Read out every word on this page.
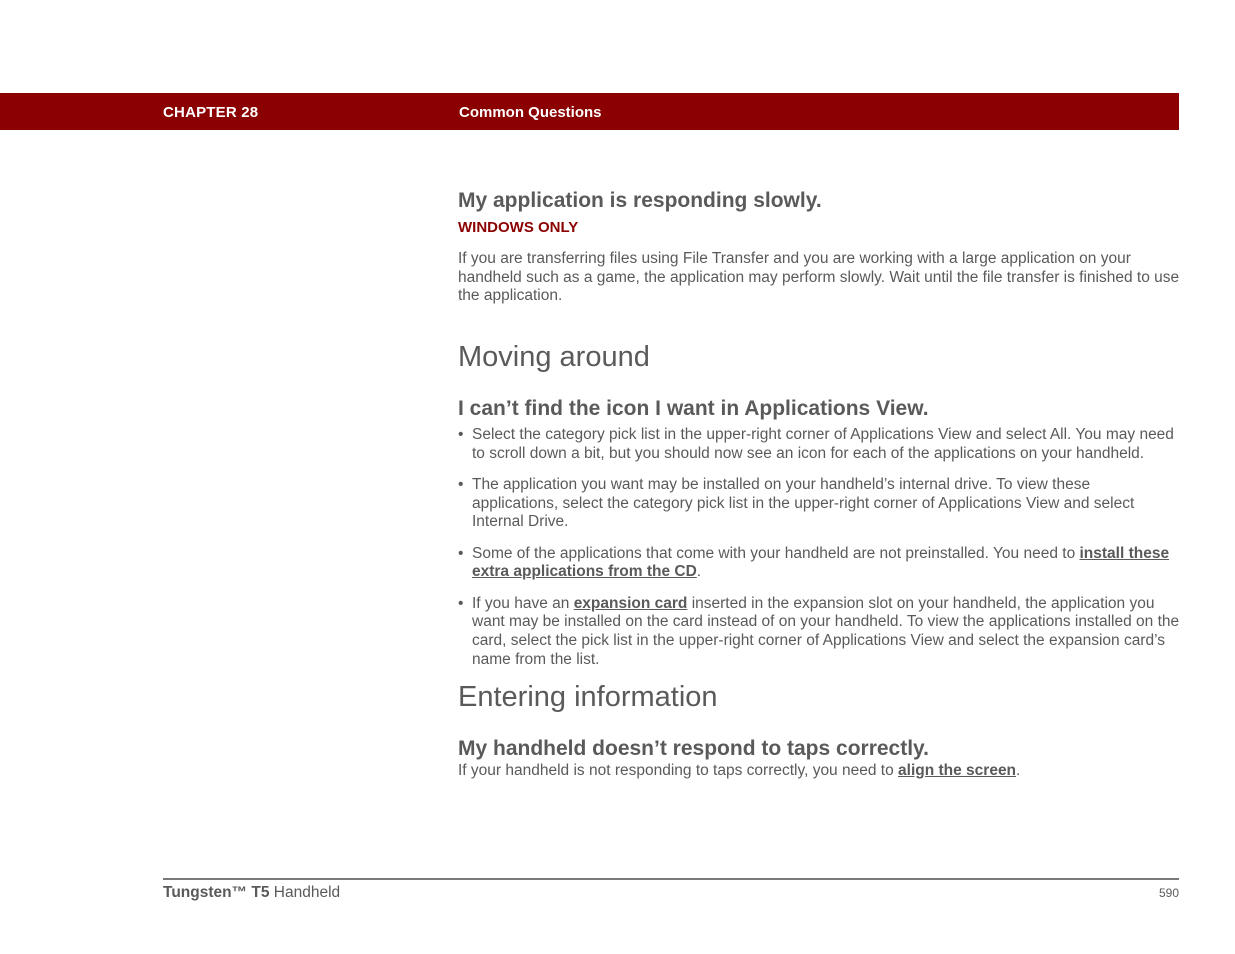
CHAPTER 28	Common Questions
My application is responding slowly.
WINDOWS ONLY

If you are transferring files using File Transfer and you are working with a large application on your handheld such as a game, the application may perform slowly. Wait until the file transfer is finished to use the application.

Moving around
I can’t find the icon I want in Applications View.
• Select the category pick list in the upper-right corner of Applications View and select All. You may need to scroll down a bit, but you should now see an icon for each of the applications on your handheld.
• The application you want may be installed on your handheld’s internal drive. To view these applications, select the category pick list in the upper-right corner of Applications View and select Internal Drive.
• Some of the applications that come with your handheld are not preinstalled. You need to install these extra applications from the CD.
• If you have an expansion card inserted in the expansion slot on your handheld, the application you want may be installed on the card instead of on your handheld. To view the applications installed on the card, select the pick list in the upper-right corner of Applications View and select the expansion card’s name from the list.
Entering information
My handheld doesn’t respond to taps correctly.

If your handheld is not responding to taps correctly, you need to align the screen.

Tungsten™ T5 Handheld	590
